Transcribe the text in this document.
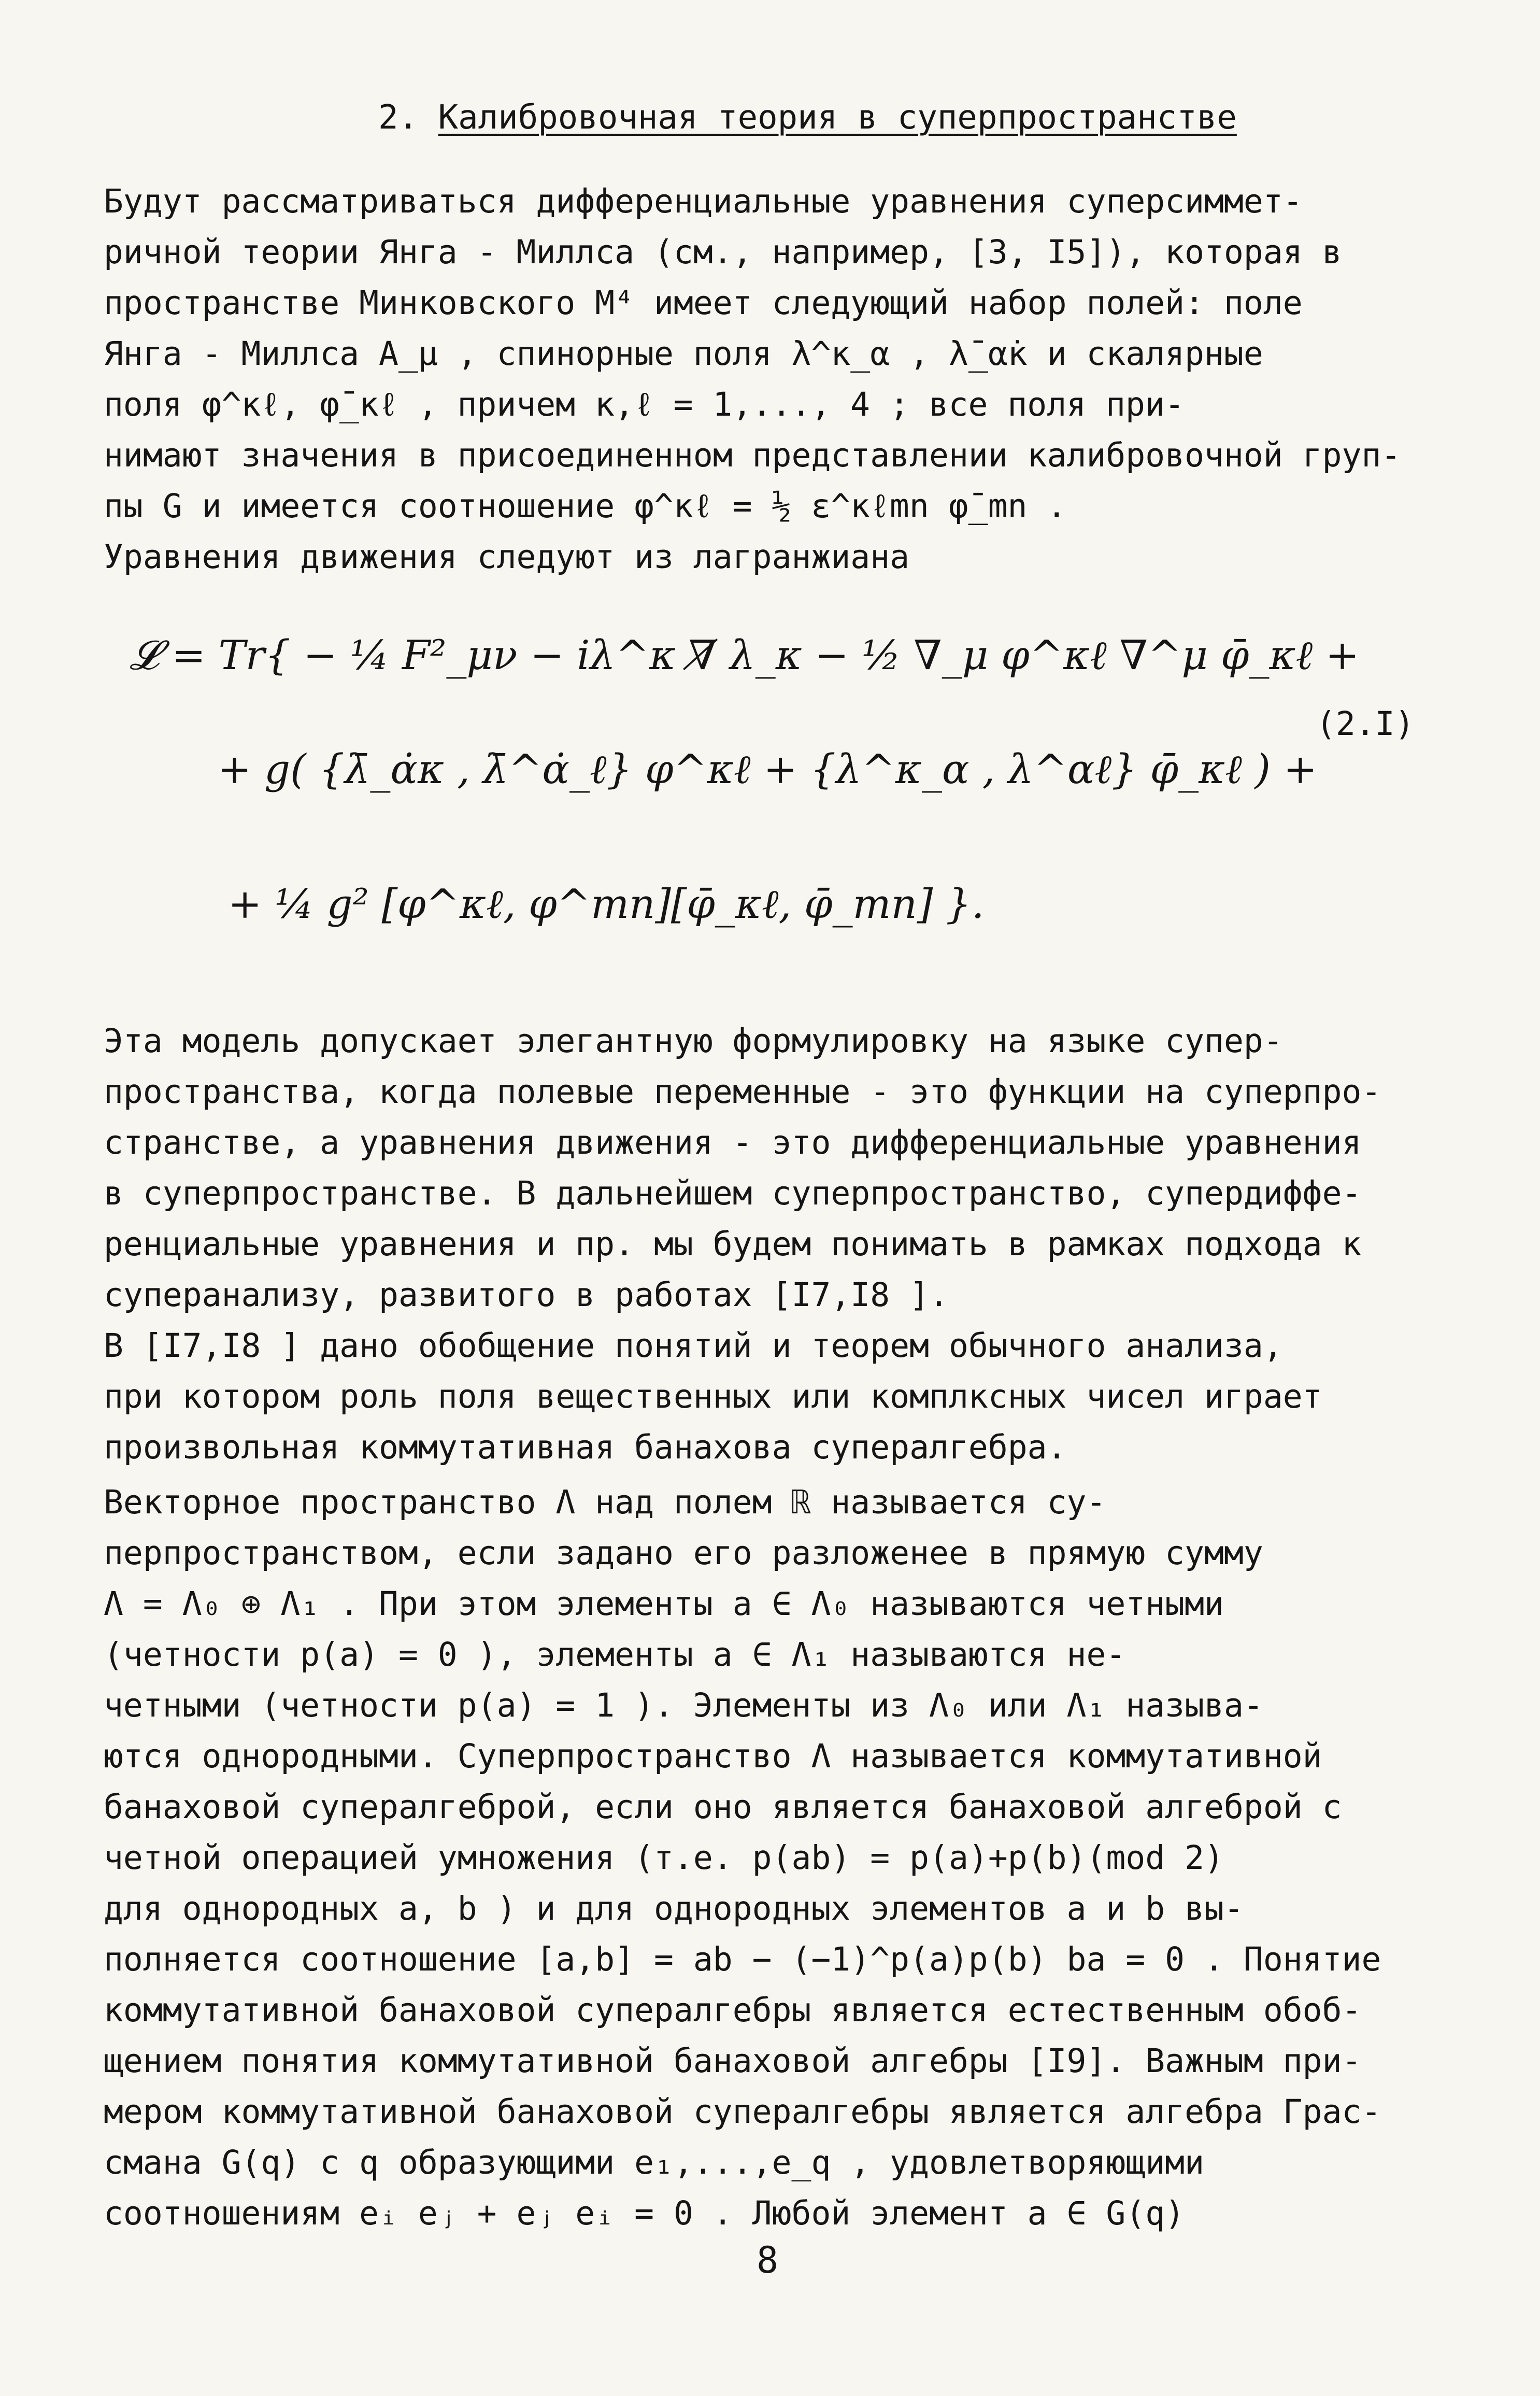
2. Калибровочная теория в суперпространстве
Будут рассматриваться дифференциальные уравнения суперсиммет-
ричной теории Янга - Миллса (см., например, [3, I5]), которая в
пространстве Минковского M⁴ имеет следующий набор полей: поле
Янга - Миллса A_μ , спинорные поля λ^κ_α , λ̄_α̇κ и скалярные
поля φ^κℓ, φ̄_κℓ , причем κ,ℓ = 1,..., 4 ; все поля при-
нимают значения в присоединенном представлении калибровочной груп-
пы G и имеется соотношение φ^κℓ = ½ ε^κℓmn φ̄_mn .
Уравнения движения следуют из лагранжиана
𝓛 = Tr{ − ¼ F²_μν − iλ^κ ∇̸ λ_κ − ½ ∇_μ φ^κℓ ∇^μ φ̄_κℓ +
(2.I)
+ g( {λ̄_α̇κ , λ̄^α̇_ℓ} φ^κℓ + {λ^κ_α , λ^αℓ} φ̄_κℓ ) +
+ ¼ g² [φ^κℓ, φ^mn][φ̄_κℓ, φ̄_mn] }.
Эта модель допускает элегантную формулировку на языке супер-
пространства, когда полевые переменные - это функции на суперпро-
странстве, а уравнения движения - это дифференциальные уравнения
в суперпространстве. В дальнейшем суперпространство, супердиффе-
ренциальные уравнения и пр. мы будем понимать в рамках подхода к
суперанализу, развитого в работах [I7,I8 ].
В [I7,I8 ] дано обобщение понятий и теорем обычного анализа,
при котором роль поля вещественных или комплксных чисел играет
произвольная коммутативная банахова супералгебра.
Векторное пространство Λ над полем ℝ называется су-
перпространством, если задано его разложенее в прямую сумму
Λ = Λ₀ ⊕ Λ₁ . При этом элементы a ∈ Λ₀ называются четными
(четности p(a) = 0 ), элементы a ∈ Λ₁ называются не-
четными (четности p(a) = 1 ). Элементы из Λ₀ или Λ₁ называ-
ются однородными. Суперпространство Λ называется коммутативной
банаховой супералгеброй, если оно является банаховой алгеброй с
четной операцией умножения (т.е. p(ab) = p(a)+p(b)(mod 2)
для однородных a, b ) и для однородных элементов a и b вы-
полняется соотношение [a,b] = ab − (−1)^p(a)p(b) ba = 0 . Понятие
коммутативной банаховой супералгебры является естественным обоб-
щением понятия коммутативной банаховой алгебры [I9]. Важным при-
мером коммутативной банаховой супералгебры является алгебра Грас-
смана G(q) с q образующими e₁,...,e_q , удовлетворяющими
соотношениям eᵢ eⱼ + eⱼ eᵢ = 0 . Любой элемент a ∈ G(q)
8
